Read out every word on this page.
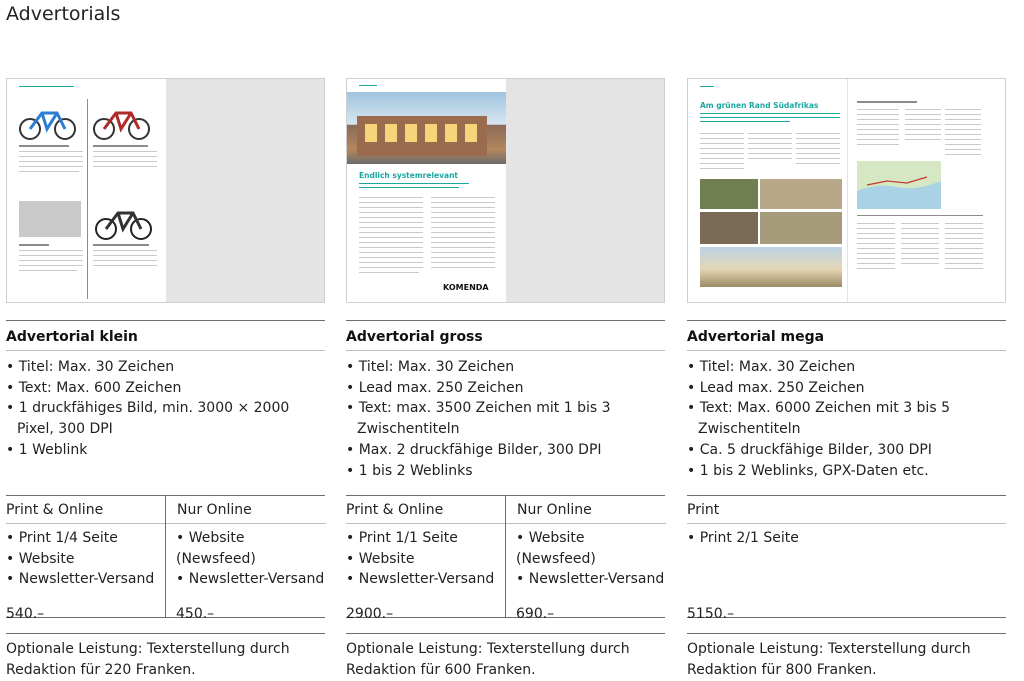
Advertorials
Advertorial klein
• Titel: Max. 30 Zeichen
• Text: Max. 600 Zeichen
• 1 druckfähiges Bild, min. 3000 × 2000 Pixel, 300 DPI
• 1 Weblink
Print & Online
• Print 1/4 Seite
• Website
• Newsletter-Versand
Nur Online
• Website (Newsfeed)
• Newsletter-Versand
540.–	450.–
Optionale Leistung: Texterstellung durch Redaktion für 220 Franken.
Endlich systemrelevant
KOMENDA
Advertorial gross
• Titel: Max. 30 Zeichen
• Lead max. 250 Zeichen
• Text: max. 3500 Zeichen mit 1 bis 3 Zwischentiteln
• Max. 2 druckfähige Bilder, 300 DPI
• 1 bis 2 Weblinks
Print & Online
• Print 1/1 Seite
• Website
• Newsletter-Versand
Nur Online
• Website (Newsfeed)
• Newsletter-Versand
2900.–	690.–
Optionale Leistung: Texterstellung durch Redaktion für 600 Franken.
Am grünen Rand Südafrikas
Advertorial mega
• Titel: Max. 30 Zeichen
• Lead max. 250 Zeichen
• Text: Max. 6000 Zeichen mit 3 bis 5 Zwischentiteln
• Ca. 5 druckfähige Bilder, 300 DPI
• 1 bis 2 Weblinks, GPX-Daten etc.
Print
• Print 2/1 Seite
5150.–
Optionale Leistung: Texterstellung durch Redaktion für 800 Franken.
